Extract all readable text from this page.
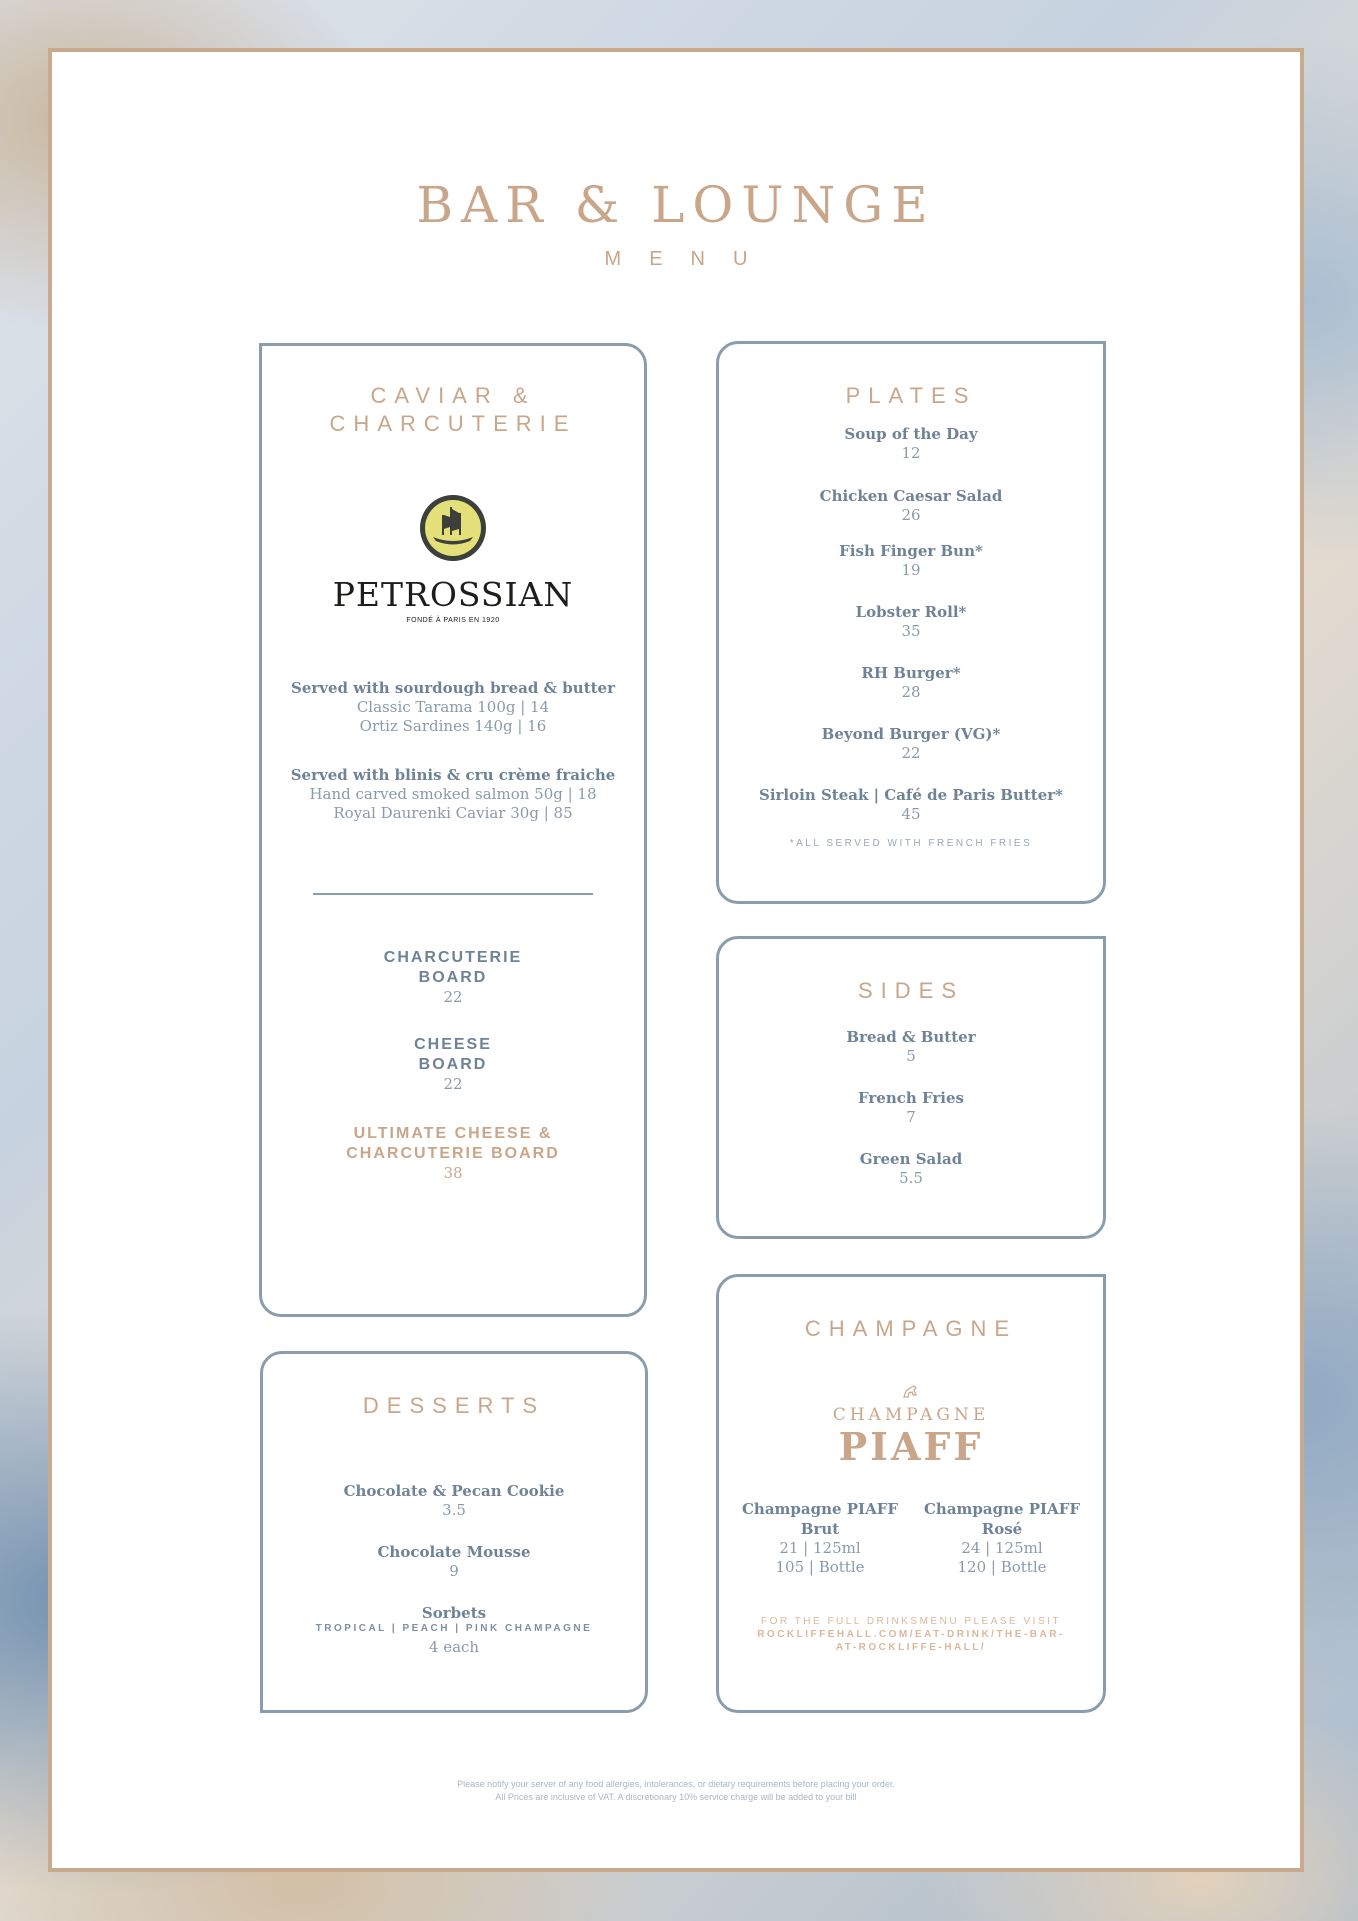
BAR & LOUNGE
MENU
CAVIAR &
CHARCUTERIE
PETROSSIAN
FONDÉ À PARIS EN 1920
Served with sourdough bread & butter
Classic Tarama 100g | 14
Ortiz Sardines 140g | 16
Served with blinis & cru crème fraiche
Hand carved smoked salmon 50g | 18
Royal Daurenki Caviar 30g | 85
CHARCUTERIE
BOARD
22
CHEESE
BOARD
22
ULTIMATE CHEESE &
CHARCUTERIE BOARD
38
PLATES
Soup of the Day
12
Chicken Caesar Salad
26
Fish Finger Bun*
19
Lobster Roll*
35
RH Burger*
28
Beyond Burger (VG)*
22
Sirloin Steak | Café de Paris Butter*
45
*ALL SERVED WITH FRENCH FRIES
SIDES
Bread & Butter
5
French Fries
7
Green Salad
5.5
DESSERTS
Chocolate & Pecan Cookie
3.5
Chocolate Mousse
9
Sorbets
TROPICAL | PEACH | PINK CHAMPAGNE
4 each
CHAMPAGNE
CHAMPAGNE
PIAFF
Champagne PIAFF
Brut
21 | 125ml
105 | Bottle
Champagne PIAFF
Rosé
24 | 125ml
120 | Bottle
FOR THE FULL DRINKSMENU PLEASE VISIT
ROCKLIFFEHALL.COM/EAT-DRINK/THE-BAR-
AT-ROCKLIFFE-HALL/
Please notify your server of any food allergies, intolerances, or dietary requirements before placing your order.
All Prices are inclusive of VAT. A discretionary 10% service charge will be added to your bill
